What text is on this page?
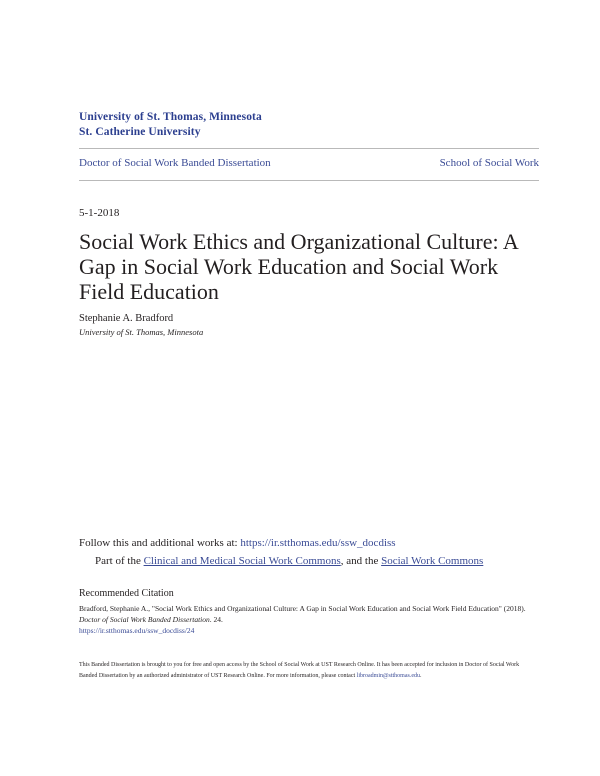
University of St. Thomas, Minnesota
St. Catherine University
Doctor of Social Work Banded Dissertation	School of Social Work
5-1-2018
Social Work Ethics and Organizational Culture: A Gap in Social Work Education and Social Work Field Education
Stephanie A. Bradford
University of St. Thomas, Minnesota
Follow this and additional works at: https://ir.stthomas.edu/ssw_docdiss
Part of the Clinical and Medical Social Work Commons, and the Social Work Commons
Recommended Citation
Bradford, Stephanie A., "Social Work Ethics and Organizational Culture: A Gap in Social Work Education and Social Work Field Education" (2018). Doctor of Social Work Banded Dissertation. 24.
https://ir.stthomas.edu/ssw_docdiss/24
This Banded Dissertation is brought to you for free and open access by the School of Social Work at UST Research Online. It has been accepted for inclusion in Doctor of Social Work Banded Dissertation by an authorized administrator of UST Research Online. For more information, please contact libroadmin@stthomas.edu.
